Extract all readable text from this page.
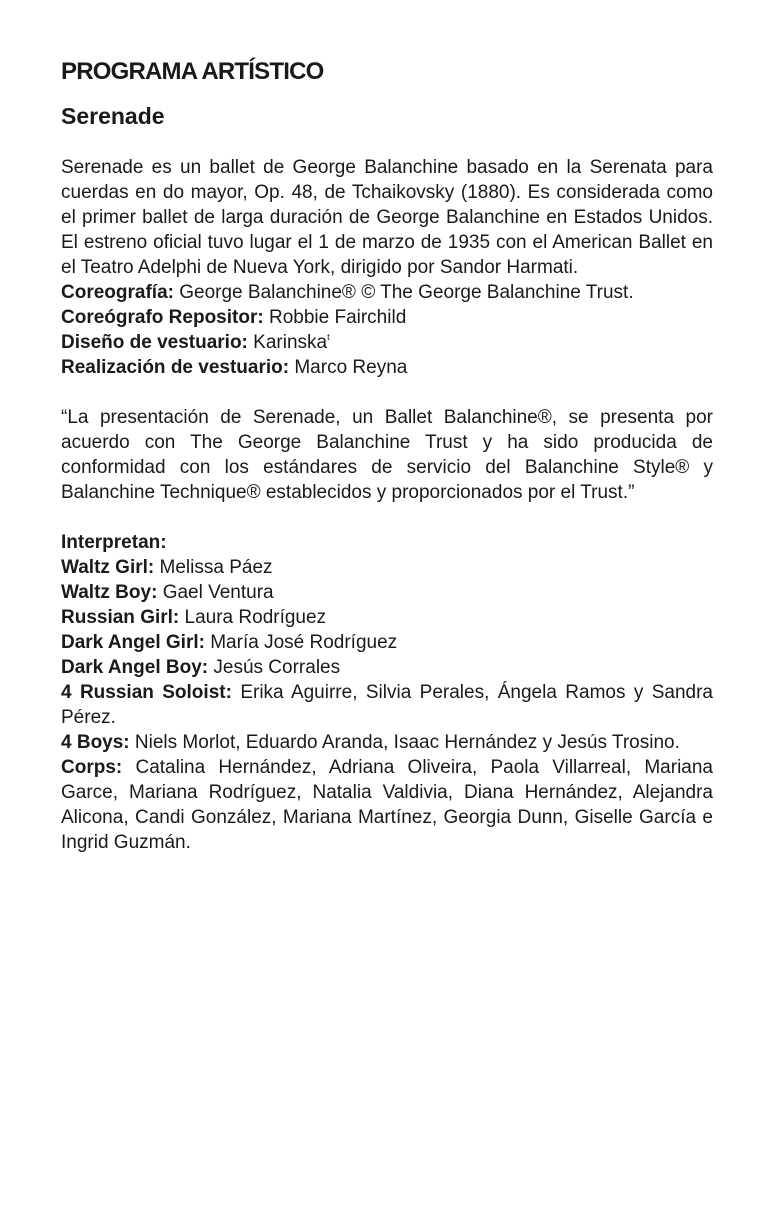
PROGRAMA ARTÍSTICO
Serenade

Serenade es un ballet de George Balanchine basado en la Serenata para cuerdas en do mayor, Op. 48, de Tchaikovsky (1880). Es considerada como el primer ballet de larga duración de George Balanchine en Estados Unidos. El estreno oficial tuvo lugar el 1 de marzo de 1935 con el American Ballet en el Teatro Adelphi de Nueva York, dirigido por Sandor Harmati.

Coreografía: George Balanchine® © The George Balanchine Trust.

Coreógrafo Repositor: Robbie Fairchild

Diseño de vestuario: Karinska$^t$

Realización de vestuario: Marco Reyna

“La presentación de Serenade, un Ballet Balanchine®, se presenta por acuerdo con The George Balanchine Trust y ha sido producida de conformidad con los estándares de servicio del Balanchine Style® y Balanchine Technique® establecidos y proporcionados por el Trust.”

Interpretan:

Waltz Girl: Melissa Páez

Waltz Boy: Gael Ventura

Russian Girl: Laura Rodríguez

Dark Angel Girl: María José Rodríguez

Dark Angel Boy: Jesús Corrales

4 Russian Soloist: Erika Aguirre, Silvia Perales, Ángela Ramos y Sandra Pérez.

4 Boys: Niels Morlot, Eduardo Aranda, Isaac Hernández y Jesús Trosino.

Corps: Catalina Hernández, Adriana Oliveira, Paola Villarreal, Mariana Garce, Mariana Rodríguez, Natalia Valdivia, Diana Hernández, Alejandra Alicona, Candi González, Mariana Martínez, Georgia Dunn, Giselle García e Ingrid Guzmán.
